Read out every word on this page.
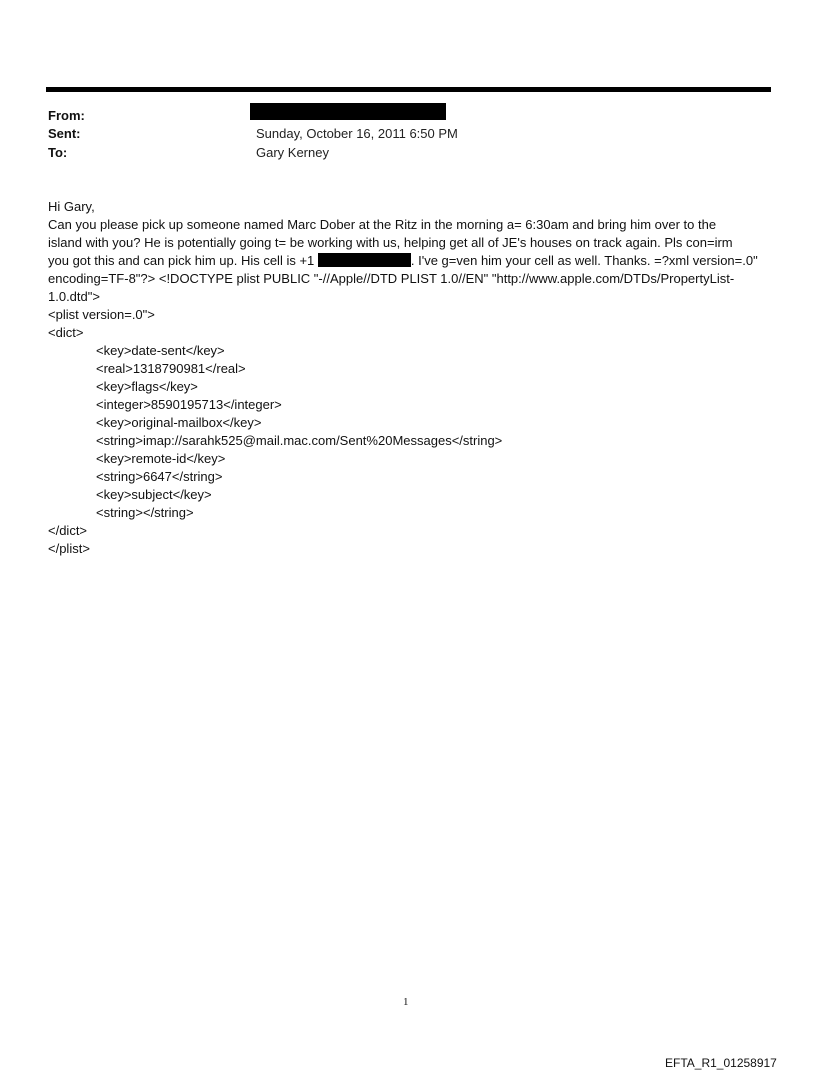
From:
Sent:	Sunday, October 16, 2011 6:50 PM
To:	Gary Kerney

Hi Gary,

Can you please pick up someone named Marc Dober at the Ritz in the morning a= 6:30am and bring him over to the

island with you? He is potentially going t= be working with us, helping get all of JE's houses on track again. Pls con=irm

you got this and can pick him up. His cell is +1	. I've g=ven him your cell as well. Thanks. =?xml version=.0"

encoding=TF-8"?> <!DOCTYPE plist PUBLIC "-//Apple//DTD PLIST 1.0//EN" "http://www.apple.com/DTDs/PropertyList-

1.0.dtd">

<plist version=.0">

<dict>

<key>date-sent</key>

<real>1318790981</real>

<key>flags</key>

<integer>8590195713</integer>

<key>original-mailbox</key>

<string>imap://sarahk525@mail.mac.com/Sent%20Messages</string>

<key>remote-id</key>

<string>6647</string>

<key>subject</key>

<string></string>

</dict>

</plist>

1
EFTA_R1_01258917
